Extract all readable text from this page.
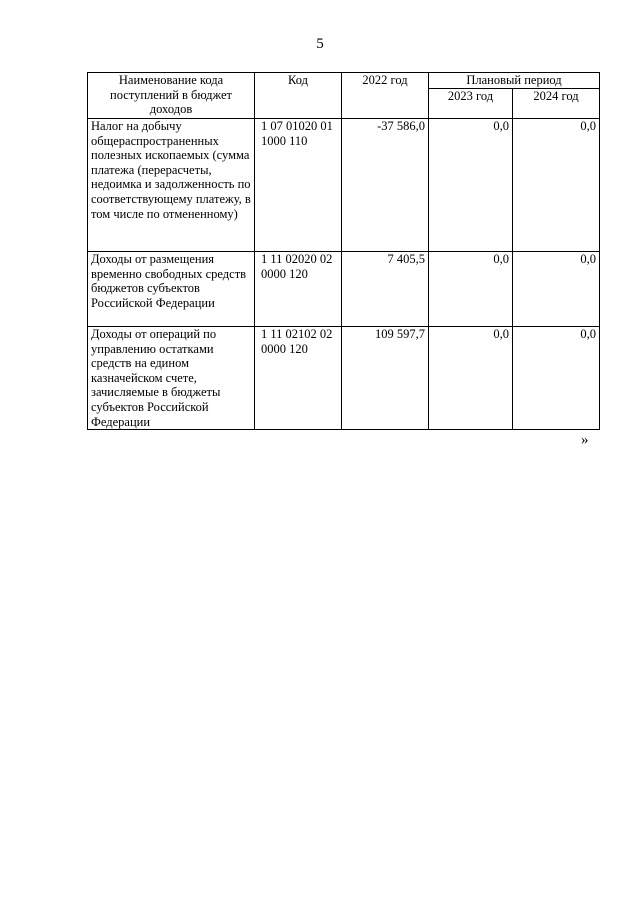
5
Наименование кода поступлений в бюджет доходов	Код	2022 год	Плановый период	
			2023 год	2024 год
Налог на добычу общераспространенных полезных ископаемых (сумма платежа (перерасчеты, недоимка и задолженность по соответствующему платежу, в том числе по отмененному)	1 07 01020 01 1000 110	-37 586,0	0,0	0,0
Доходы от размещения временно свободных средств бюджетов субъектов Российской Федерации	1 11 02020 02 0000 120	7 405,5	0,0	0,0
Доходы от операций по управлению остатками средств на едином казначейском счете, зачисляемые в бюджеты субъектов Российской Федерации	1 11 02102 02 0000 120	109 597,7	0,0	0,0
»
